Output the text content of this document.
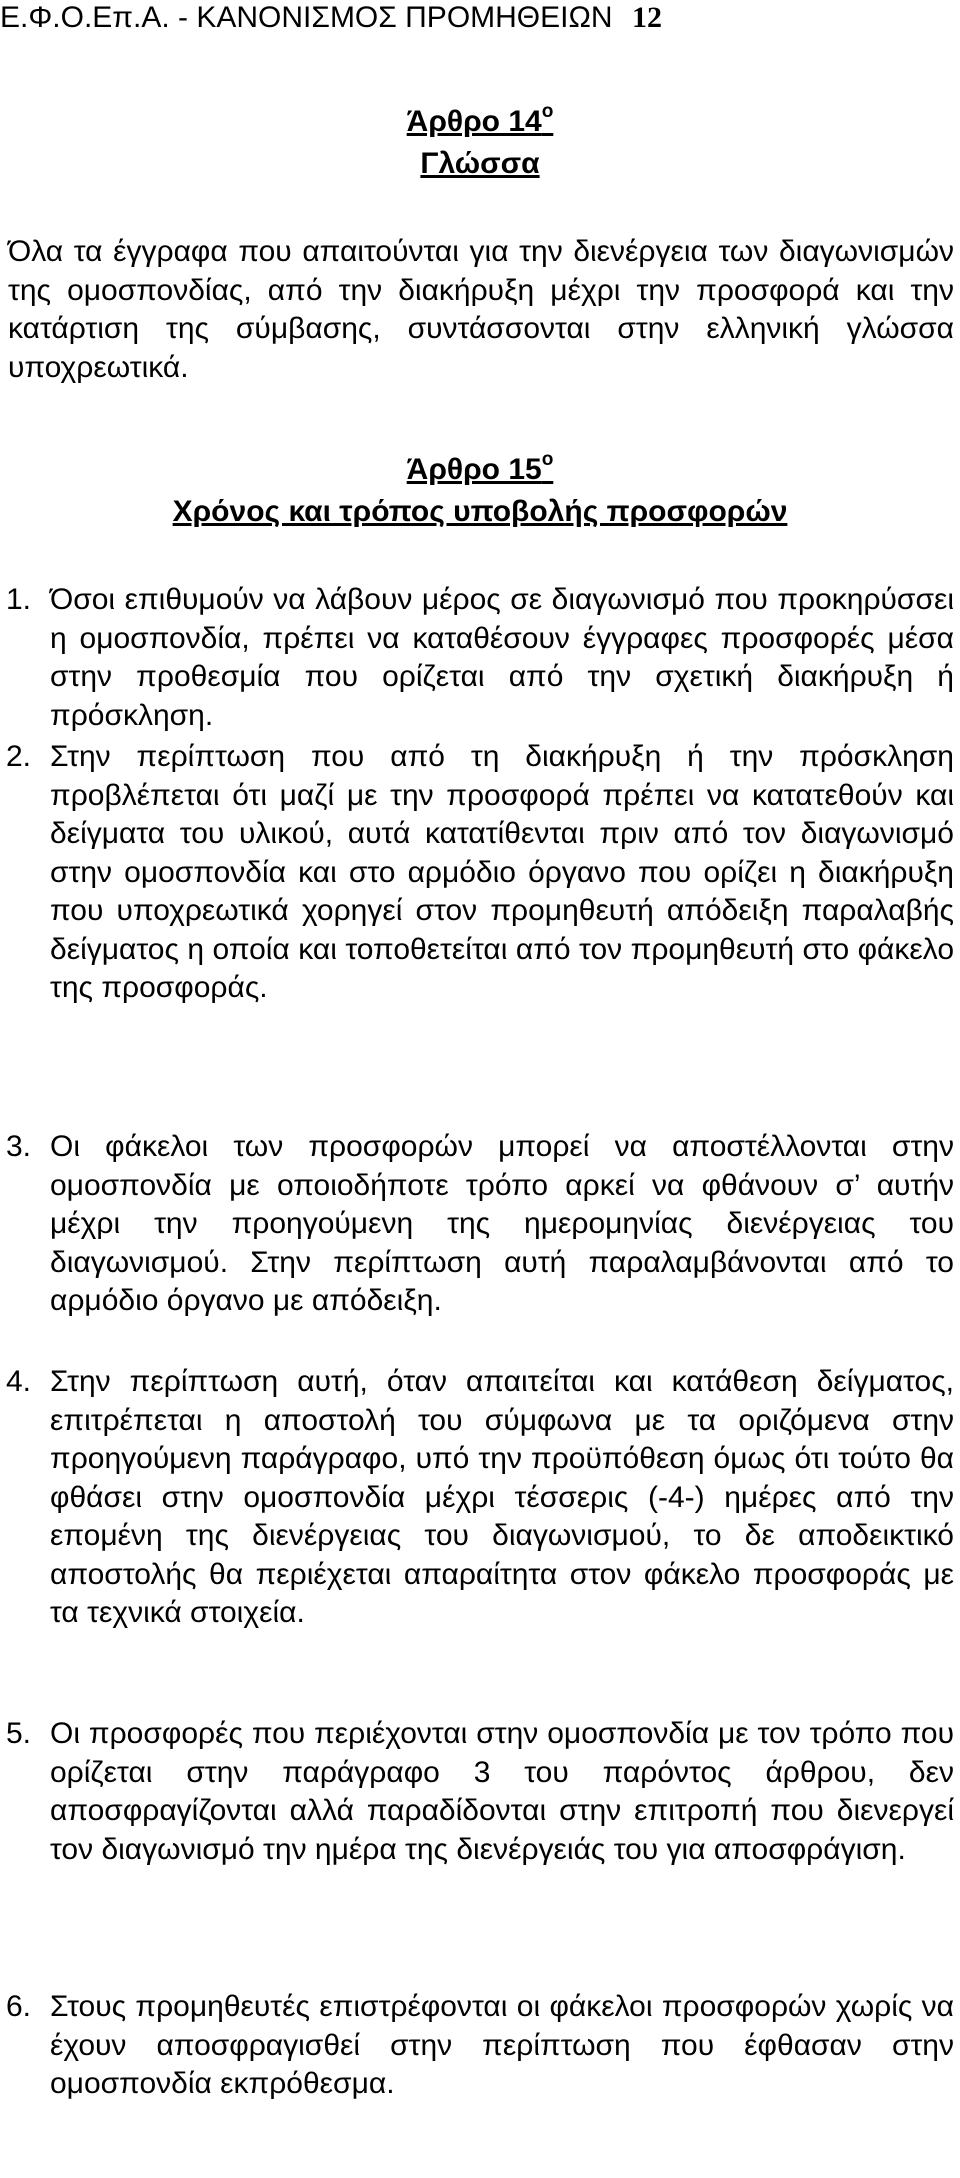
Ε.Φ.Ο.Επ.Α. - ΚΑΝΟΝΙΣΜΟΣ ΠΡΟΜΗΘΕΙΩΝ 12
Άρθρο $14^o$
Γλώσσα
Όλα τα έγγραφα που απαιτούνται για την διενέργεια των διαγωνισμών της ομοσπονδίας, από την διακήρυξη μέχρι την προσφορά και την κατάρτιση της σύμβασης, συντάσσονται στην ελληνική γλώσσα υποχρεωτικά.
Άρθρο $15^o$
Χρόνος και τρόπος υποβολής προσφορών
1. Όσοι επιθυμούν να λάβουν μέρος σε διαγωνισμό που προκηρύσσει η ομοσπονδία, πρέπει να καταθέσουν έγγραφες προσφορές μέσα στην προθεσμία που ορίζεται από την σχετική διακήρυξη ή πρόσκληση.
2. Στην περίπτωση που από τη διακήρυξη ή την πρόσκληση προβλέπεται ότι μαζί με την προσφορά πρέπει να κατατεθούν και δείγματα του υλικού, αυτά κατατίθενται πριν από τον διαγωνισμό στην ομοσπονδία και στο αρμόδιο όργανο που ορίζει η διακήρυξη που υποχρεωτικά χορηγεί στον προμηθευτή απόδειξη παραλαβής δείγματος η οποία και τοποθετείται από τον προμηθευτή στο φάκελο της προσφοράς.
3. Οι φάκελοι των προσφορών μπορεί να αποστέλλονται στην ομοσπονδία με οποιοδήποτε τρόπο αρκεί να φθάνουν σ’ αυτήν μέχρι την προηγούμενη της ημερομηνίας διενέργειας του διαγωνισμού. Στην περίπτωση αυτή παραλαμβάνονται από το αρμόδιο όργανο με απόδειξη.
4. Στην περίπτωση αυτή, όταν απαιτείται και κατάθεση δείγματος, επιτρέπεται η αποστολή του σύμφωνα με τα οριζόμενα στην προηγούμενη παράγραφο, υπό την προϋπόθεση όμως ότι τούτο θα φθάσει στην ομοσπονδία μέχρι τέσσερις (-4-) ημέρες από την επομένη της διενέργειας του διαγωνισμού, το δε αποδεικτικό αποστολής θα περιέχεται απαραίτητα στον φάκελο προσφοράς με τα τεχνικά στοιχεία.
5. Οι προσφορές που περιέχονται στην ομοσπονδία με τον τρόπο που ορίζεται στην παράγραφο 3 του παρόντος άρθρου, δεν αποσφραγίζονται αλλά παραδίδονται στην επιτροπή που διενεργεί τον διαγωνισμό την ημέρα της διενέργειάς του για αποσφράγιση.
6. Στους προμηθευτές επιστρέφονται οι φάκελοι προσφορών χωρίς να έχουν αποσφραγισθεί στην περίπτωση που έφθασαν στην ομοσπονδία εκπρόθεσμα.
